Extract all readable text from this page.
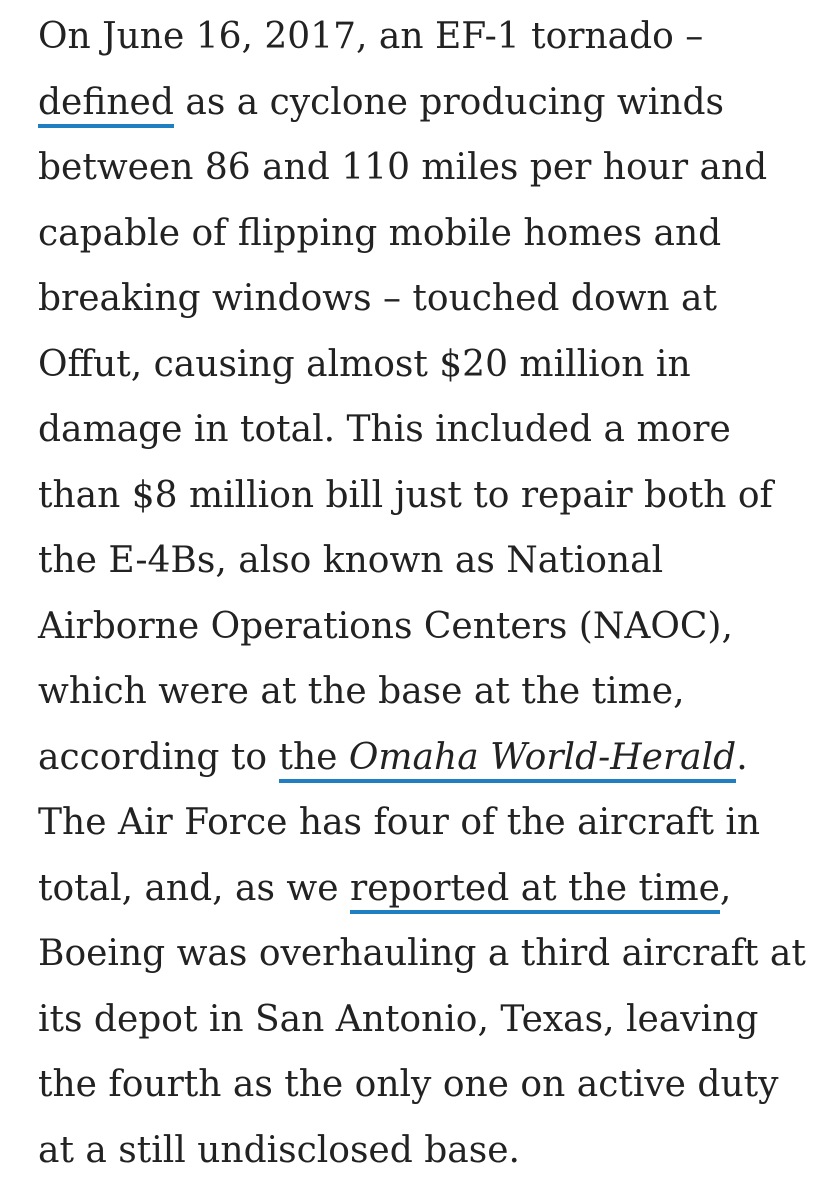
On June 16, 2017, an EF-1 tornado –
defined as a cyclone producing winds
between 86 and 110 miles per hour and
capable of flipping mobile homes and
breaking windows – touched down at
Offut, causing almost $20 million in
damage in total. This included a more
than $8 million bill just to repair both of
the E-4Bs, also known as National
Airborne Operations Centers (NAOC),
which were at the base at the time,
according to the Omaha World-Herald.
The Air Force has four of the aircraft in
total, and, as we reported at the time,
Boeing was overhauling a third aircraft at
its depot in San Antonio, Texas, leaving
the fourth as the only one on active duty
at a still undisclosed base.
